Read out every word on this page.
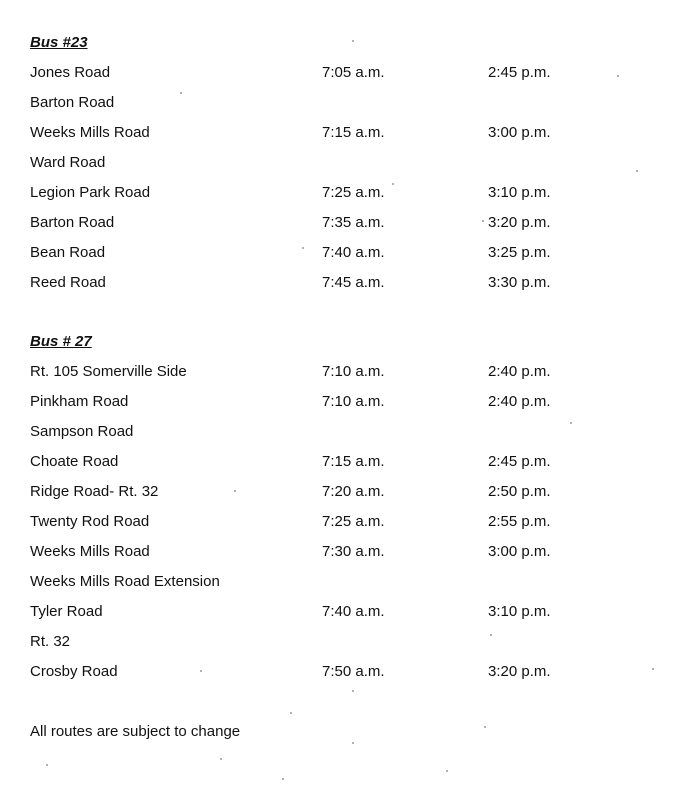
Bus #23
Jones Road	7:05 a.m.	2:45 p.m.
Barton Road
Weeks Mills Road	7:15 a.m.	3:00 p.m.
Ward Road
Legion Park Road	7:25 a.m.	3:10 p.m.
Barton Road	7:35 a.m.	3:20 p.m.
Bean Road	7:40 a.m.	3:25 p.m.
Reed Road	7:45 a.m.	3:30 p.m.
Bus # 27
Rt. 105 Somerville Side	7:10 a.m.	2:40 p.m.
Pinkham Road	7:10 a.m.	2:40 p.m.
Sampson Road
Choate Road	7:15 a.m.	2:45 p.m.
Ridge Road- Rt. 32	7:20 a.m.	2:50 p.m.
Twenty Rod Road	7:25 a.m.	2:55 p.m.
Weeks Mills Road	7:30 a.m.	3:00 p.m.
Weeks Mills Road Extension
Tyler Road	7:40 a.m.	3:10 p.m.
Rt. 32
Crosby Road	7:50 a.m.	3:20 p.m.
All routes are subject to change
